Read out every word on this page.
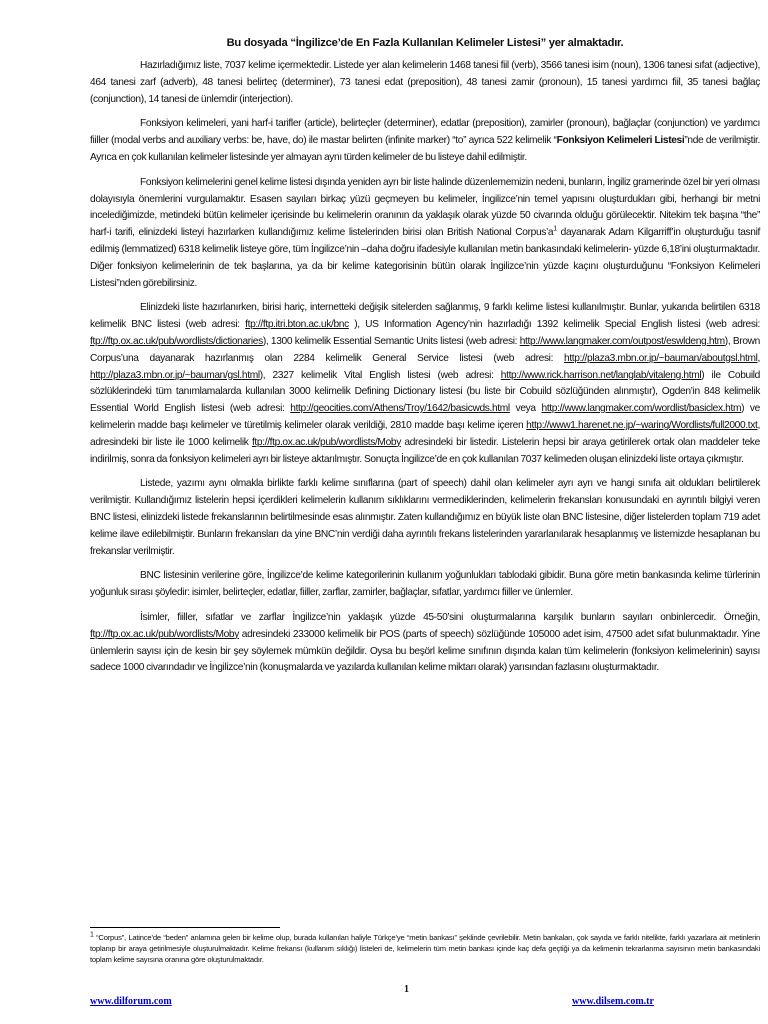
Bu dosyada “İngilizce’de En Fazla Kullanılan Kelimeler Listesi” yer almaktadır.

Hazırladığımız liste, 7037 kelime içermektedir. Listede yer alan kelimelerin 1468 tanesi fiil (verb), 3566 tanesi isim (noun), 1306 tanesi sıfat (adjective), 464 tanesi zarf (adverb), 48 tanesi belirteç (determiner), 73 tanesi edat (preposition), 48 tanesi zamir (pronoun), 15 tanesi yardımcı fiil, 35 tanesi bağlaç (conjunction), 14 tanesi de ünlemdir (interjection).

Fonksiyon kelimeleri, yani harf-i tarifler (article), belirteçler (determiner), edatlar (preposition), zamirler (pronoun), bağlaçlar (conjunction) ve yardımcı fiiller (modal verbs and auxiliary verbs: be, have, do) ile mastar belirten (infinite marker) “to” ayrıca 522 kelimelik “Fonksiyon Kelimeleri Listesi”nde de verilmiştir. Ayrıca en çok kullanılan kelimeler listesinde yer almayan aynı türden kelimeler de bu listeye dahil edilmiştir.

Fonksiyon kelimelerini genel kelime listesi dışında yeniden ayrı bir liste halinde düzenlememizin nedeni, bunların, İngiliz gramerinde özel bir yeri olması dolayısıyla önemlerini vurgulamaktır. Esasen sayıları birkaç yüzü geçmeyen bu kelimeler, İngilizce’nin temel yapısını oluşturdukları gibi, herhangi bir metni incelediğimizde, metindeki bütün kelimeler içerisinde bu kelimelerin oranının da yaklaşık olarak yüzde 50 civarında olduğu görülecektir. Nitekim tek başına “the” harf-i tarifi, elinizdeki listeyi hazırlarken kullandığımız kelime listelerinden birisi olan British National $Corpus’a^1$ dayanarak Adam Kilgarriff’in oluşturduğu tasnif edilmiş (lemmatized) 6318 kelimelik listeye göre, tüm İngilizce’nin –daha doğru ifadesiyle kullanılan metin bankasındaki kelimelerin- yüzde 6,18’ini oluşturmaktadır. Diğer fonksiyon kelimelerinin de tek başlarına, ya da bir kelime kategorisinin bütün olarak İngilizce’nin yüzde kaçını oluşturduğunu “Fonksiyon Kelimeleri Listesi”nden görebilirsiniz.

Elinizdeki liste hazırlanırken, birisi hariç, internetteki değişik sitelerden sağlanmış, 9 farklı kelime listesi kullanılmıştır. Bunlar, yukarıda belirtilen 6318 kelimelik BNC listesi (web adresi: ftp://ftp.itri.bton.ac.uk/bnc ), US Information Agency’nin hazırladığı 1392 kelimelik Special English listesi (web adresi: ftp://ftp.ox.ac.uk/pub/wordlists/dictionaries), 1300 kelimelik Essential Semantic Units listesi (web adresi: http://www.langmaker.com/outpost/eswldeng.htm), Brown Corpus’una dayanarak hazırlanmış olan 2284 kelimelik General Service listesi (web adresi: http://plaza3.mbn.or.jp/~bauman/aboutgsl.html, http://plaza3.mbn.or.jp/~bauman/gsl.html), 2327 kelimelik Vital English listesi (web adresi: http://www.rick.harrison.net/langlab/vitaleng.html) ile Cobuild sözlüklerindeki tüm tanımlamalarda kullanılan 3000 kelimelik Defining Dictionary listesi (bu liste bir Cobuild sözlüğünden alınmıştır), Ogden’in 848 kelimelik Essential World English listesi (web adresi: http://geocities.com/Athens/Troy/1642/basicwds.html veya http://www.langmaker.com/wordlist/basiclex.htm) ve kelimelerin madde başı kelimeler ve türetilmiş kelimeler olarak verildiği, 2810 madde başı kelime içeren http://www1.harenet.ne.jp/~waring/Wordlists/full2000.txt, adresindeki bir liste ile 1000 kelimelik ftp://ftp.ox.ac.uk/pub/wordlists/Moby adresindeki bir listedir. Listelerin hepsi bir araya getirilerek ortak olan maddeler teke indirilmiş, sonra da fonksiyon kelimeleri ayrı bir listeye aktarılmıştır. Sonuçta İngilizce’de en çok kullanılan 7037 kelimeden oluşan elinizdeki liste ortaya çıkmıştır.

Listede, yazımı aynı olmakla birlikte farklı kelime sınıflarına (part of speech) dahil olan kelimeler ayrı ayrı ve hangi sınıfa ait oldukları belirtilerek verilmiştir. Kullandığımız listelerin hepsi içerdikleri kelimelerin kullanım sıklıklarını vermediklerinden, kelimelerin frekansları konusundaki en ayrıntılı bilgiyi veren BNC listesi, elinizdeki listede frekanslarının belirtilmesinde esas alınmıştır. Zaten kullandığımız en büyük liste olan BNC listesine, diğer listelerden toplam 719 adet kelime ilave edilebilmiştir. Bunların frekansları da yine BNC’nin verdiği daha ayrıntılı frekans listelerinden yararlanılarak hesaplanmış ve listemizde hesaplanan bu frekanslar verilmiştir.

BNC listesinin verilerine göre, İngilizce’de kelime kategorilerinin kullanım yoğunlukları tablodaki gibidir. Buna göre metin bankasında kelime türlerinin yoğunluk sırası şöyledir: isimler, belirteçler, edatlar, fiiller, zarflar, zamirler, bağlaçlar, sıfatlar, yardımcı fiiller ve ünlemler.

İsimler, fiiller, sıfatlar ve zarflar İngilizce’nin yaklaşık yüzde 45-50’sini oluşturmalarına karşılık bunların sayıları onbinlercedir. Örneğin, ftp://ftp.ox.ac.uk/pub/wordlists/Moby adresindeki 233000 kelimelik bir POS (parts of speech) sözlüğünde 105000 adet isim, 47500 adet sıfat bulunmaktadır. Yine ünlemlerin sayısı için de kesin bir şey söylemek mümkün değildir. Oysa bu beşörl kelime sınıfının dışında kalan tüm kelimelerin (fonksiyon kelimelerinin) sayısı sadece 1000 civarındadır ve İngilizce’nin (konuşmalarda ve yazılarda kullanılan kelime miktarı olarak) yarısından fazlasını oluşturmaktadır.

$^1$ “Corpus”, Latince’de “beden” anlamına gelen bir kelime olup, burada kullanılan haliyle Türkçe’ye “metin bankası” şeklinde çevrilebilir. Metin bankaları, çok sayıda ve farklı nitelikte, farklı yazarlara ait metinlerin toplanıp bir araya getirilmesiyle oluşturulmaktadır. Kelime frekansı (kullanım sıklığı) listeleri de, kelimelerin tüm metin bankası içinde kaç defa geçtiği ya da kelimenin tekrarlanma sayısının metin bankasındaki toplam kelime sayısına oranına göre oluşturulmaktadır.
1
www.dilforum.com	www.dilsem.com.tr
